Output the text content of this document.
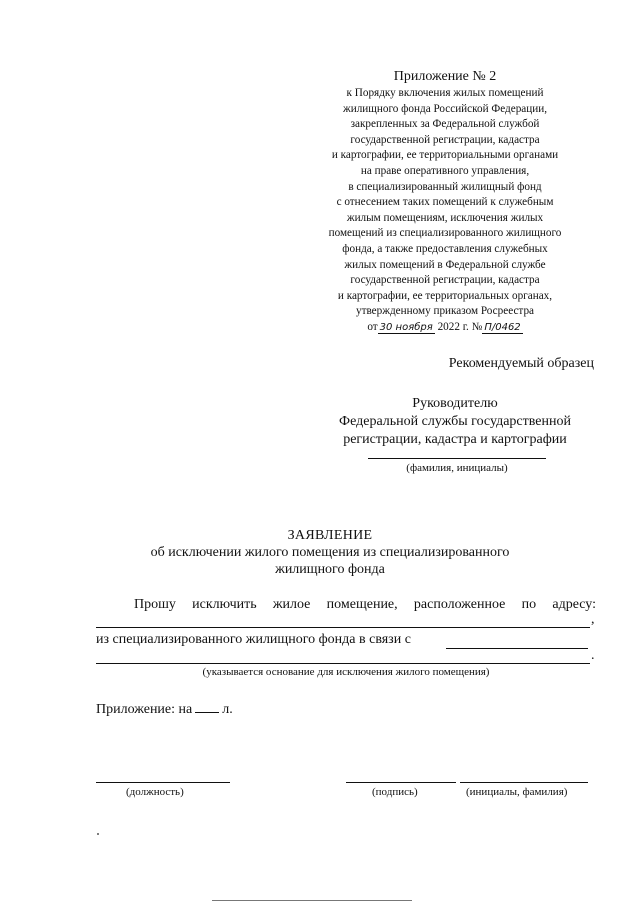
Приложение № 2
к Порядку включения жилых помещений
жилищного фонда Российской Федерации,
закрепленных за Федеральной службой
государственной регистрации, кадастра
и картографии, ее территориальными органами
на праве оперативного управления,
в специализированный жилищный фонд
с отнесением таких помещений к служебным
жилым помещениям, исключения жилых
помещений из специализированного жилищного
фонда, а также предоставления служебных
жилых помещений в Федеральной службе
государственной регистрации, кадастра
и картографии, ее территориальных органах,
утвержденному приказом Росреестра
от 30 ноября 2022 г. № П/0462
Рекомендуемый образец
Руководителю
Федеральной службы государственной
регистрации, кадастра и картографии
(фамилия, инициалы)
ЗАЯВЛЕНИЕ
об исключении жилого помещения из специализированного
жилищного фонда
Прошу исключить жилое помещение, расположенное по адресу:
,
из специализированного жилищного фонда в связи с
.
(указывается основание для исключения жилого помещения)
Приложение: на л.
(должность)	(подпись)	(инициалы, фамилия)
